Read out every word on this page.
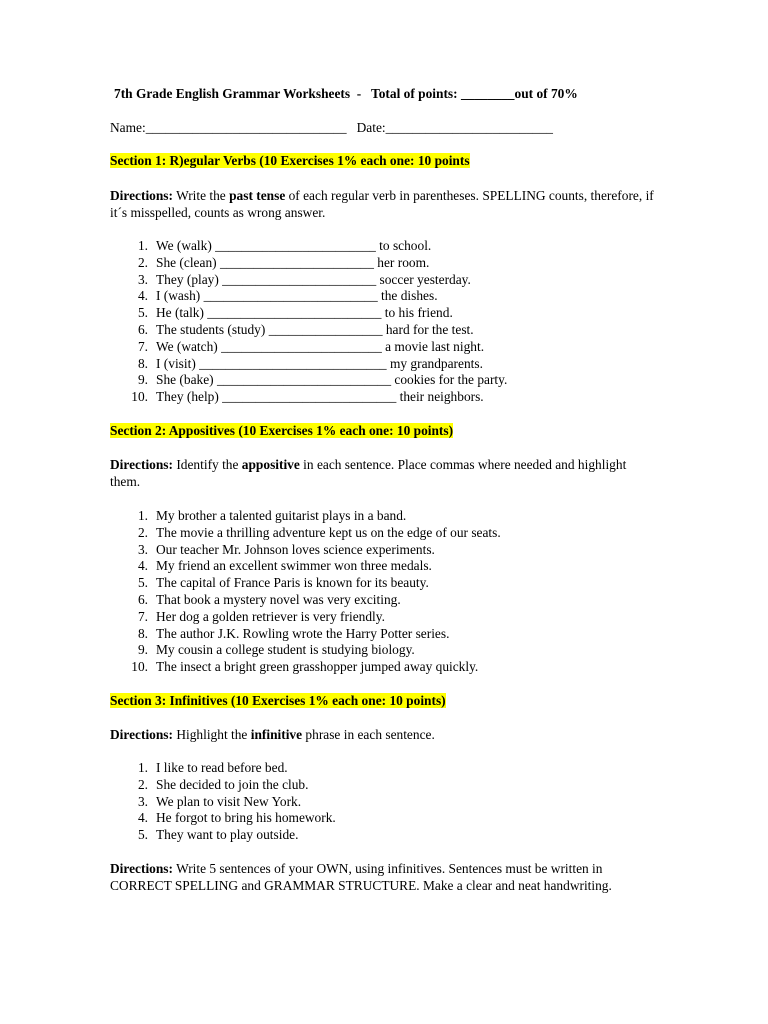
7th Grade English Grammar Worksheets  -   Total of points: ________out of 70%
Name:______________________________ Date:_________________________
Section 1: R)egular Verbs (10 Exercises 1% each one: 10 points
Directions: Write the past tense of each regular verb in parentheses. SPELLING counts, therefore, if it´s misspelled, counts as wrong answer.
1. We (walk) ________________________ to school.
2. She (clean) _______________________ her room.
3. They (play) _______________________ soccer yesterday.
4. I (wash) __________________________ the dishes.
5. He (talk) __________________________ to his friend.
6. The students (study) _________________ hard for the test.
7. We (watch) ________________________ a movie last night.
8. I (visit) ____________________________ my grandparents.
9. She (bake) __________________________ cookies for the party.
10. They (help) __________________________ their neighbors.
Section 2: Appositives (10 Exercises 1% each one: 10 points)
Directions: Identify the appositive in each sentence. Place commas where needed and highlight them.
1. My brother a talented guitarist plays in a band.
2. The movie a thrilling adventure kept us on the edge of our seats.
3. Our teacher Mr. Johnson loves science experiments.
4. My friend an excellent swimmer won three medals.
5. The capital of France Paris is known for its beauty.
6. That book a mystery novel was very exciting.
7. Her dog a golden retriever is very friendly.
8. The author J.K. Rowling wrote the Harry Potter series.
9. My cousin a college student is studying biology.
10. The insect a bright green grasshopper jumped away quickly.
Section 3: Infinitives (10 Exercises 1% each one: 10 points)
Directions: Highlight the infinitive phrase in each sentence.
1. I like to read before bed.
2. She decided to join the club.
3. We plan to visit New York.
4. He forgot to bring his homework.
5. They want to play outside.
Directions: Write 5 sentences of your OWN, using infinitives. Sentences must be written in CORRECT SPELLING and GRAMMAR STRUCTURE. Make a clear and neat handwriting.
